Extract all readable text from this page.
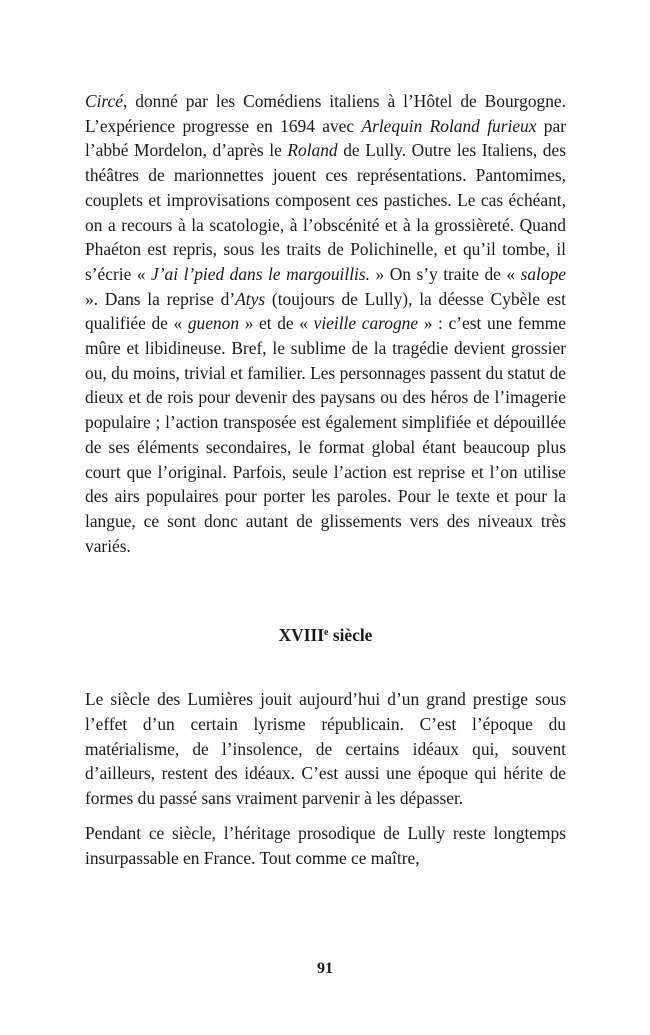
Circé, donné par les Comédiens italiens à l’Hôtel de Bourgogne. L’expérience progresse en 1694 avec Arlequin Roland furieux par l’abbé Mordelon, d’après le Roland de Lully. Outre les Italiens, des théâtres de marionnettes jouent ces représentations. Pantomimes, couplets et improvisations composent ces pastiches. Le cas échéant, on a recours à la scatologie, à l’obscénité et à la grossièreté. Quand Phaéton est repris, sous les traits de Polichinelle, et qu’il tombe, il s’écrie « J’ai l’pied dans le margouillis. » On s’y traite de « salope ». Dans la reprise d’Atys (toujours de Lully), la déesse Cybèle est qualifiée de « guenon » et de « vieille carogne » : c’est une femme mûre et libidineuse. Bref, le sublime de la tragédie devient grossier ou, du moins, trivial et familier. Les personnages passent du statut de dieux et de rois pour devenir des paysans ou des héros de l’imagerie populaire ; l’action transposée est également simplifiée et dépouillée de ses éléments secondaires, le format global étant beaucoup plus court que l’original. Parfois, seule l’action est reprise et l’on utilise des airs populaires pour porter les paroles. Pour le texte et pour la langue, ce sont donc autant de glissements vers des niveaux très variés.

XVIIIe siècle

Le siècle des Lumières jouit aujourd’hui d’un grand prestige sous l’effet d’un certain lyrisme républicain. C’est l’époque du matérialisme, de l’insolence, de certains idéaux qui, souvent d’ailleurs, restent des idéaux. C’est aussi une époque qui hérite de formes du passé sans vraiment parvenir à les dépasser.

Pendant ce siècle, l’héritage prosodique de Lully reste longtemps insurpassable en France. Tout comme ce maître,

91
